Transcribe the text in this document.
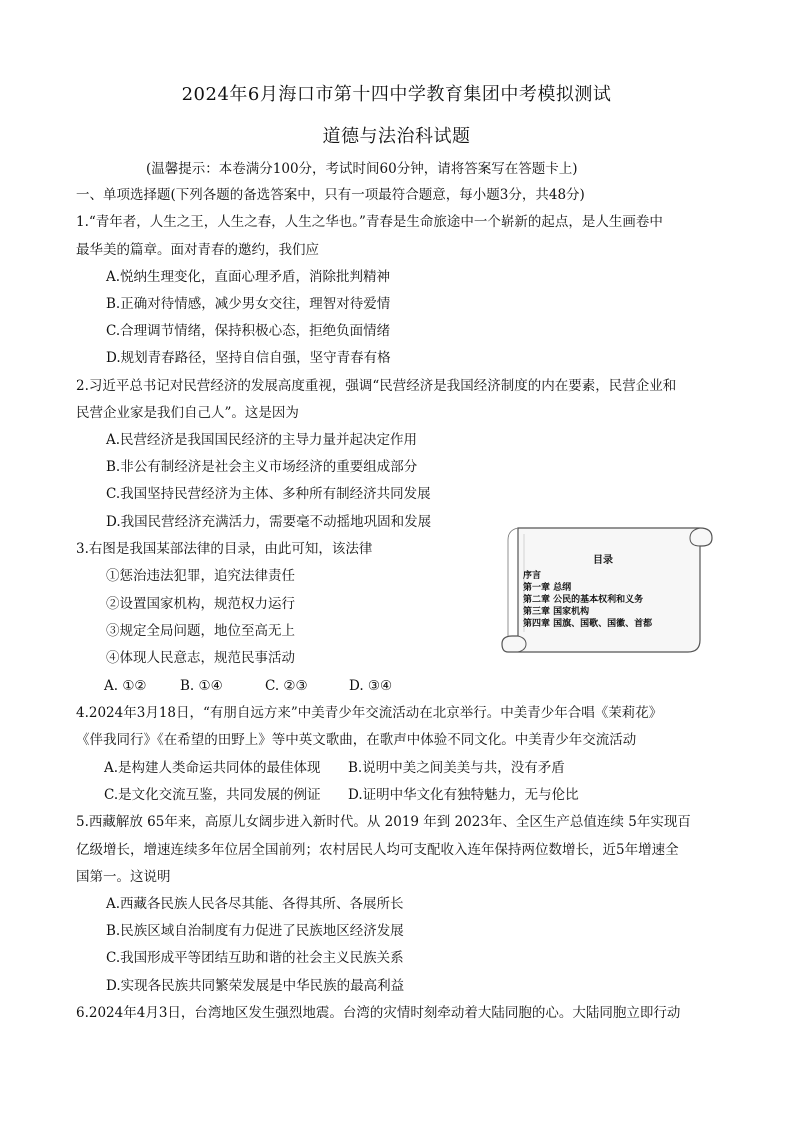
2024年6月海口市第十四中学教育集团中考模拟测试
道德与法治科试题
(温馨提示：本卷满分100分，考试时间60分钟，请将答案写在答题卡上)
一、单项选择题(下列各题的备选答案中，只有一项最符合题意，每小题3分，共48分)
1.“青年者，人生之王，人生之春，人生之华也。”青春是生命旅途中一个崭新的起点，是人生画卷中
最华美的篇章。面对青春的邀约，我们应
A.悦纳生理变化，直面心理矛盾，消除批判精神
B.正确对待情感，减少男女交往，理智对待爱情
C.合理调节情绪，保持积极心态，拒绝负面情绪
D.规划青春路径，坚持自信自强，坚守青春有格
2.习近平总书记对民营经济的发展高度重视，强调“民营经济是我国经济制度的内在要素，民营企业和
民营企业家是我们自己人”。这是因为
A.民营经济是我国国民经济的主导力量并起决定作用
B.非公有制经济是社会主义市场经济的重要组成部分
C.我国坚持民营经济为主体、多种所有制经济共同发展
D.我国民营经济充满活力，需要毫不动摇地巩固和发展
3.右图是我国某部法律的目录，由此可知，该法律
①惩治违法犯罪，追究法律责任
②设置国家机构，规范权力运行
③规定全局问题，地位至高无上
④体现人民意志，规范民事活动
A. ①② B. ①④	C. ②③	D. ③④
目录
序言
第一章 总纲
第二章 公民的基本权利和义务
第三章 国家机构
第四章 国旗、国歌、国徽、首都
4.2024年3月18日，“有朋自远方来”中美青少年交流活动在北京举行。中美青少年合唱《茉莉花》
《伴我同行》《在希望的田野上》等中英文歌曲，在歌声中体验不同文化。中美青少年交流活动
A.是构建人类命运共同体的最佳体现 B.说明中美之间美美与共，没有矛盾
C.是文化交流互鉴，共同发展的例证 D.证明中华文化有独特魅力，无与伦比
5.西藏解放 65年来，高原儿女阔步进入新时代。从 2019 年到 2023年、全区生产总值连续 5年实现百
亿级增长，增速连续多年位居全国前列；农村居民人均可支配收入连年保持两位数增长，近5年增速全
国第一。这说明
A.西藏各民族人民各尽其能、各得其所、各展所长
B.民族区域自治制度有力促进了民族地区经济发展
C.我国形成平等团结互助和谐的社会主义民族关系
D.实现各民族共同繁荣发展是中华民族的最高利益
6.2024年4月3日，台湾地区发生强烈地震。台湾的灾情时刻牵动着大陆同胞的心。大陆同胞立即行动
